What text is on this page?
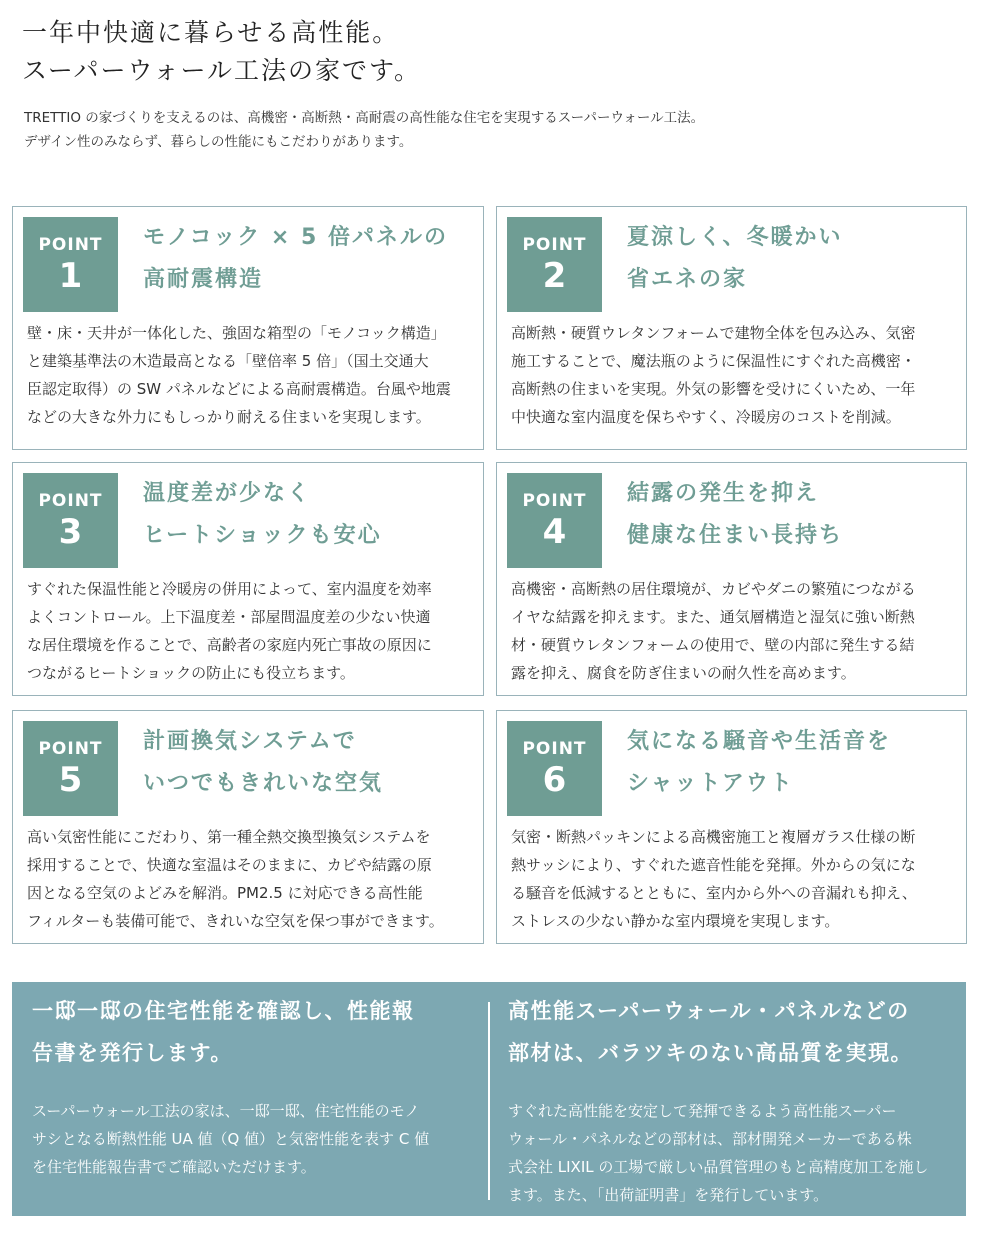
一年中快適に暮らせる高性能。
スーパーウォール工法の家です。
TRETTIO の家づくりを支えるのは、高機密・高断熱・高耐震の高性能な住宅を実現するスーパーウォール工法。
デザイン性のみならず、暮らしの性能にもこだわりがあります。
POINT
1
モノコック × 5 倍パネルの
高耐震構造
壁・床・天井が一体化した、強固な箱型の「モノコック構造」
と建築基準法の木造最高となる「壁倍率 5 倍」（国土交通大
臣認定取得）の SW パネルなどによる高耐震構造。台風や地震
などの大きな外力にもしっかり耐える住まいを実現します。
POINT
2
夏涼しく、冬暖かい
省エネの家
高断熱・硬質ウレタンフォームで建物全体を包み込み、気密
施工することで、魔法瓶のように保温性にすぐれた高機密・
高断熱の住まいを実現。外気の影響を受けにくいため、一年
中快適な室内温度を保ちやすく、冷暖房のコストを削減。
POINT
3
温度差が少なく
ヒートショックも安心
すぐれた保温性能と冷暖房の併用によって、室内温度を効率
よくコントロール。上下温度差・部屋間温度差の少ない快適
な居住環境を作ることで、高齢者の家庭内死亡事故の原因に
つながるヒートショックの防止にも役立ちます。
POINT
4
結露の発生を抑え
健康な住まい長持ち
高機密・高断熱の居住環境が、カビやダニの繁殖につながる
イヤな結露を抑えます。また、通気層構造と湿気に強い断熱
材・硬質ウレタンフォームの使用で、壁の内部に発生する結
露を抑え、腐食を防ぎ住まいの耐久性を高めます。
POINT
5
計画換気システムで
いつでもきれいな空気
高い気密性能にこだわり、第一種全熱交換型換気システムを
採用することで、快適な室温はそのままに、カビや結露の原
因となる空気のよどみを解消。PM2.5 に対応できる高性能
フィルターも装備可能で、きれいな空気を保つ事ができます。
POINT
6
気になる騒音や生活音を
シャットアウト
気密・断熱パッキンによる高機密施工と複層ガラス仕様の断
熱サッシにより、すぐれた遮音性能を発揮。外からの気にな
る騒音を低減するとともに、室内から外への音漏れも抑え、
ストレスの少ない静かな室内環境を実現します。
一邸一邸の住宅性能を確認し、性能報
告書を発行します。
スーパーウォール工法の家は、一邸一邸、住宅性能のモノ
サシとなる断熱性能 UA 値（Q 値）と気密性能を表す C 値
を住宅性能報告書でご確認いただけます。
高性能スーパーウォール・パネルなどの
部材は、バラツキのない高品質を実現。
すぐれた高性能を安定して発揮できるよう高性能スーパー
ウォール・パネルなどの部材は、部材開発メーカーである株
式会社 LIXIL の工場で厳しい品質管理のもと高精度加工を施し
ます。また、「出荷証明書」を発行しています。
